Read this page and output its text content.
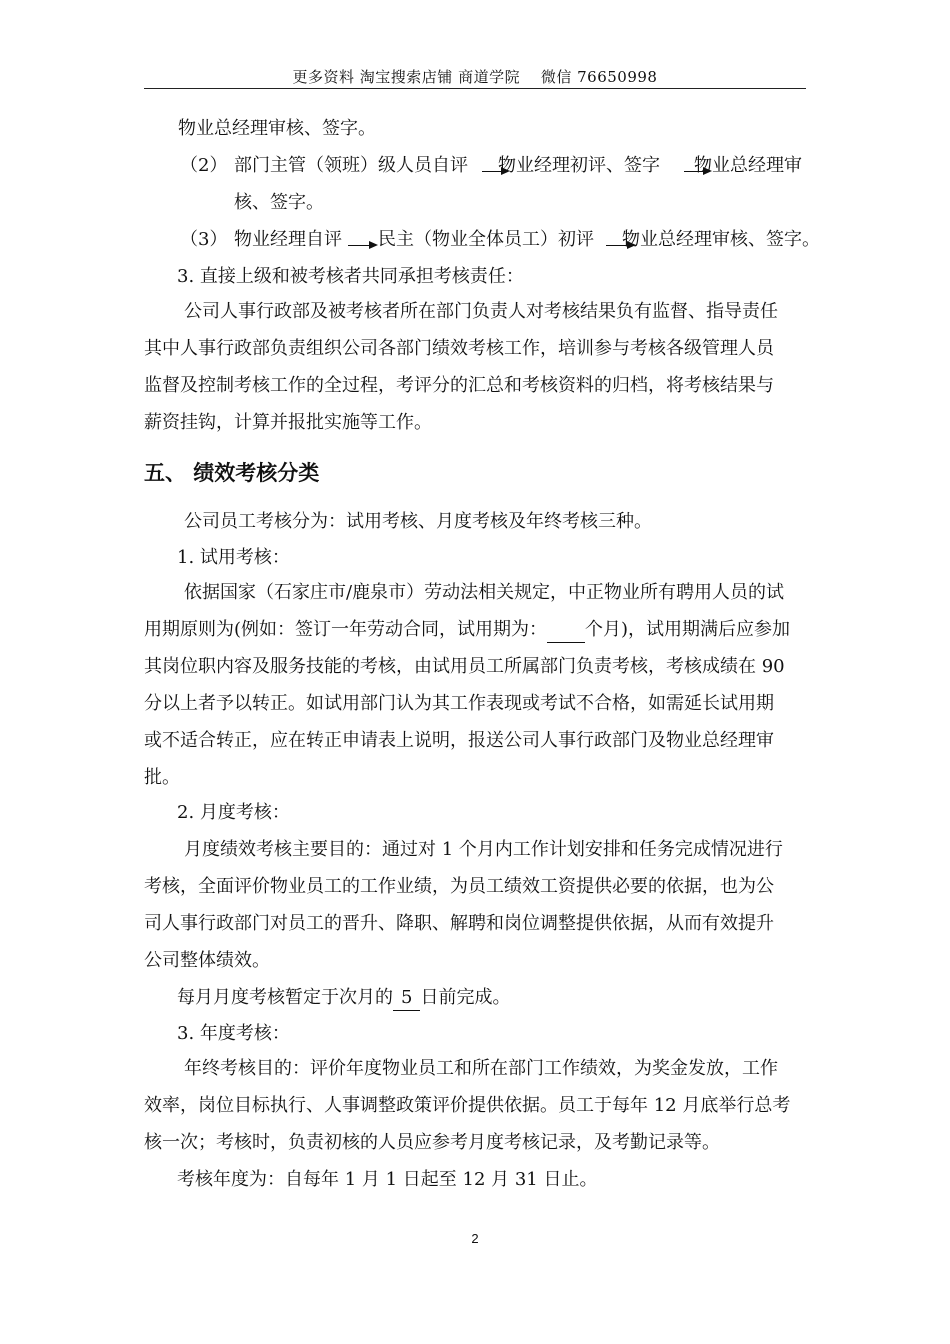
更多资料 淘宝搜索店铺 商道学院　 微信 76650998
物业总经理审核、签字。
（2） 部门主管（领班）级人员自评 物业经理初评、签字 物业总经理审
核、签字。
（3） 物业经理自评 民主（物业全体员工）初评 物业总经理审核、签字。
3. 直接上级和被考核者共同承担考核责任：
公司人事行政部及被考核者所在部门负责人对考核结果负有监督、指导责任
其中人事行政部负责组织公司各部门绩效考核工作，培训参与考核各级管理人员
监督及控制考核工作的全过程，考评分的汇总和考核资料的归档，将考核结果与
薪资挂钩，计算并报批实施等工作。
五、 绩效考核分类
公司员工考核分为：试用考核、月度考核及年终考核三种。
1. 试用考核：
依据国家（石家庄市/鹿泉市）劳动法相关规定，中正物业所有聘用人员的试
用期原则为(例如：签订一年劳动合同，试用期为： 个月)，试用期满后应参加
其岗位职内容及服务技能的考核，由试用员工所属部门负责考核，考核成绩在 90
分以上者予以转正。如试用部门认为其工作表现或考试不合格，如需延长试用期
或不适合转正，应在转正申请表上说明，报送公司人事行政部门及物业总经理审
批。
2. 月度考核：
月度绩效考核主要目的：通过对 1 个月内工作计划安排和任务完成情况进行
考核，全面评价物业员工的工作业绩，为员工绩效工资提供必要的依据，也为公
司人事行政部门对员工的晋升、降职、解聘和岗位调整提供依据，从而有效提升
公司整体绩效。
每月月度考核暂定于次月的 5 日前完成。
3. 年度考核：
年终考核目的：评价年度物业员工和所在部门工作绩效，为奖金发放，工作
效率，岗位目标执行、人事调整政策评价提供依据。员工于每年 12 月底举行总考
核一次；考核时，负责初核的人员应参考月度考核记录，及考勤记录等。
考核年度为：自每年 1 月 1 日起至 12 月 31 日止。
2
